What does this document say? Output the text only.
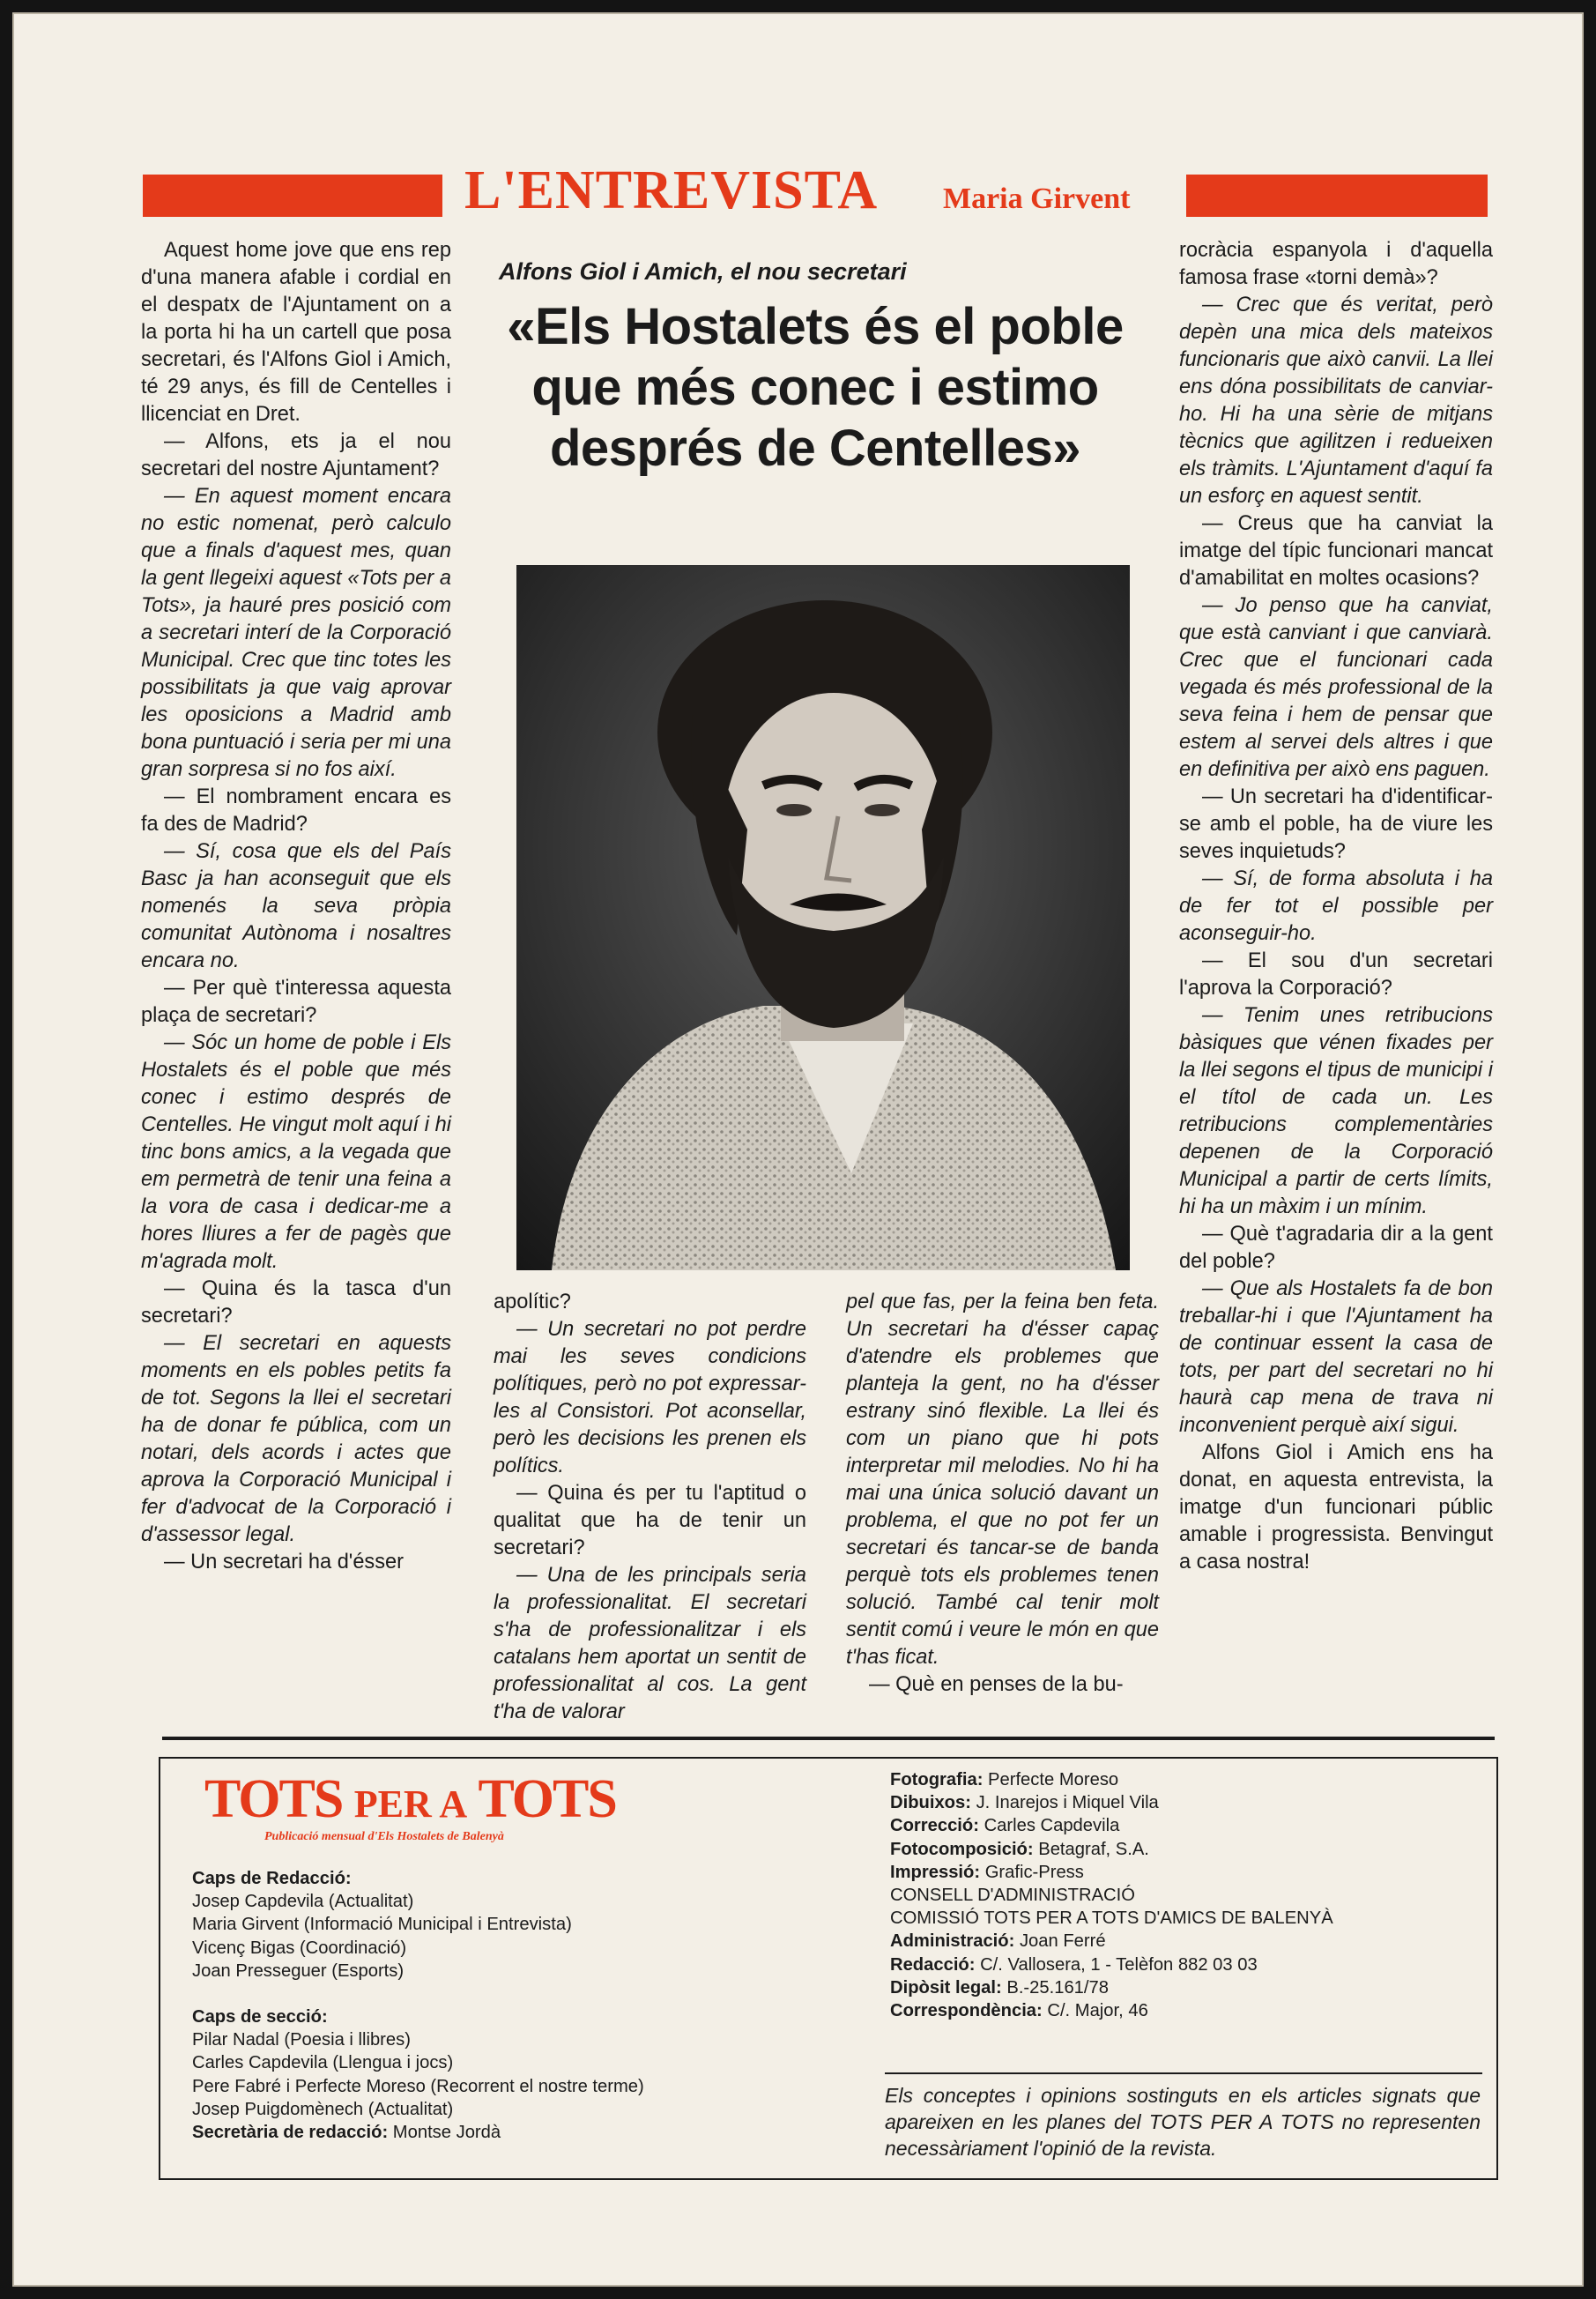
L'ENTREVISTA Maria Girvent

Aquest home jove que ens rep d'una manera afable i cordial en el despatx de l'Ajuntament on a la porta hi ha un cartell que posa secretari, és l'Alfons Giol i Amich, té 29 anys, és fill de Centelles i llicenciat en Dret.

— Alfons, ets ja el nou secretari del nostre Ajuntament?

— En aquest moment encara no estic nomenat, però calculo que a finals d'aquest mes, quan la gent llegeixi aquest «Tots per a Tots», ja hauré pres posició com a secretari interí de la Corporació Municipal. Crec que tinc totes les possibilitats ja que vaig aprovar les oposicions a Madrid amb bona puntuació i seria per mi una gran sorpresa si no fos així.

— El nombrament encara es fa des de Madrid?

— Sí, cosa que els del País Basc ja han aconseguit que els nomenés la seva pròpia comunitat Autònoma i nosaltres encara no.

— Per què t'interessa aquesta plaça de secretari?

— Sóc un home de poble i Els Hostalets és el poble que més conec i estimo després de Centelles. He vingut molt aquí i hi tinc bons amics, a la vegada que em permetrà de tenir una feina a la vora de casa i dedicar-me a hores lliures a fer de pagès que m'agrada molt.

— Quina és la tasca d'un secretari?

— El secretari en aquests moments en els pobles petits fa de tot. Segons la llei el secretari ha de donar fe pública, com un notari, dels acords i actes que aprova la Corporació Municipal i fer d'advocat de la Corporació i d'assessor legal.

— Un secretari ha d'ésser

Alfons Giol i Amich, el nou secretari
«Els Hostalets és el poble que més conec i estimo després de Centelles»

apolític?

— Un secretari no pot perdre mai les seves condicions polítiques, però no pot expressar-les al Consistori. Pot aconsellar, però les decisions les prenen els polítics.

— Quina és per tu l'aptitud o qualitat que ha de tenir un secretari?

— Una de les principals seria la professionalitat. El secretari s'ha de professionalitzar i els catalans hem aportat un sentit de professionalitat al cos. La gent t'ha de valorar

pel que fas, per la feina ben feta. Un secretari ha d'ésser capaç d'atendre els problemes que planteja la gent, no ha d'ésser estrany sinó flexible. La llei és com un piano que hi pots interpretar mil melodies. No hi ha mai una única solució davant un problema, el que no pot fer un secretari és tancar-se de banda perquè tots els problemes tenen solució. També cal tenir molt sentit comú i veure le món en que t'has ficat.

— Què en penses de la bu-

rocràcia espanyola i d'aquella famosa frase «torni demà»?

— Crec que és veritat, però depèn una mica dels mateixos funcionaris que això canvii. La llei ens dóna possibilitats de canviar-ho. Hi ha una sèrie de mitjans tècnics que agilitzen i redueixen els tràmits. L'Ajuntament d'aquí fa un esforç en aquest sentit.

— Creus que ha canviat la imatge del típic funcionari mancat d'amabilitat en moltes ocasions?

— Jo penso que ha canviat, que està canviant i que canviarà. Crec que el funcionari cada vegada és més professional de la seva feina i hem de pensar que estem al servei dels altres i que en definitiva per això ens paguen.

— Un secretari ha d'identificar-se amb el poble, ha de viure les seves inquietuds?

— Sí, de forma absoluta i ha de fer tot el possible per aconseguir-ho.

— El sou d'un secretari l'aprova la Corporació?

— Tenim unes retribucions bàsiques que vénen fixades per la llei segons el tipus de municipi i el títol de cada un. Les retribucions complementàries depenen de la Corporació Municipal a partir de certs límits, hi ha un màxim i un mínim.

— Què t'agradaria dir a la gent del poble?

— Que als Hostalets fa de bon treballar-hi i que l'Ajuntament ha de continuar essent la casa de tots, per part del secretari no hi haurà cap mena de trava ni inconvenient perquè així sigui.

Alfons Giol i Amich ens ha donat, en aquesta entrevista, la imatge d'un funcionari públic amable i progressista. Benvingut a casa nostra!

TOTS PER A TOTS
Publicació mensual d'Els Hostalets de Balenyà
Caps de Redacció:
Josep Capdevila (Actualitat)
Maria Girvent (Informació Municipal i Entrevista)
Vicenç Bigas (Coordinació)
Joan Presseguer (Esports)
Caps de secció:
Pilar Nadal (Poesia i llibres)
Carles Capdevila (Llengua i jocs)
Pere Fabré i Perfecte Moreso (Recorrent el nostre terme)
Josep Puigdomènech (Actualitat)
Secretària de redacció: Montse Jordà
Fotografia: Perfecte Moreso
Dibuixos: J. Inarejos i Miquel Vila
Correcció: Carles Capdevila
Fotocomposició: Betagraf, S.A.
Impressió: Grafic-Press
CONSELL D'ADMINISTRACIÓ
COMISSIÓ TOTS PER A TOTS D'AMICS DE BALENYÀ
Administració: Joan Ferré
Redacció: C/. Vallosera, 1 - Telèfon 882 03 03
Dipòsit legal: B.-25.161/78
Correspondència: C/. Major, 46
Els conceptes i opinions sostinguts en els articles signats que apareixen en les planes del TOTS PER A TOTS no representen necessàriament l'opinió de la revista.
